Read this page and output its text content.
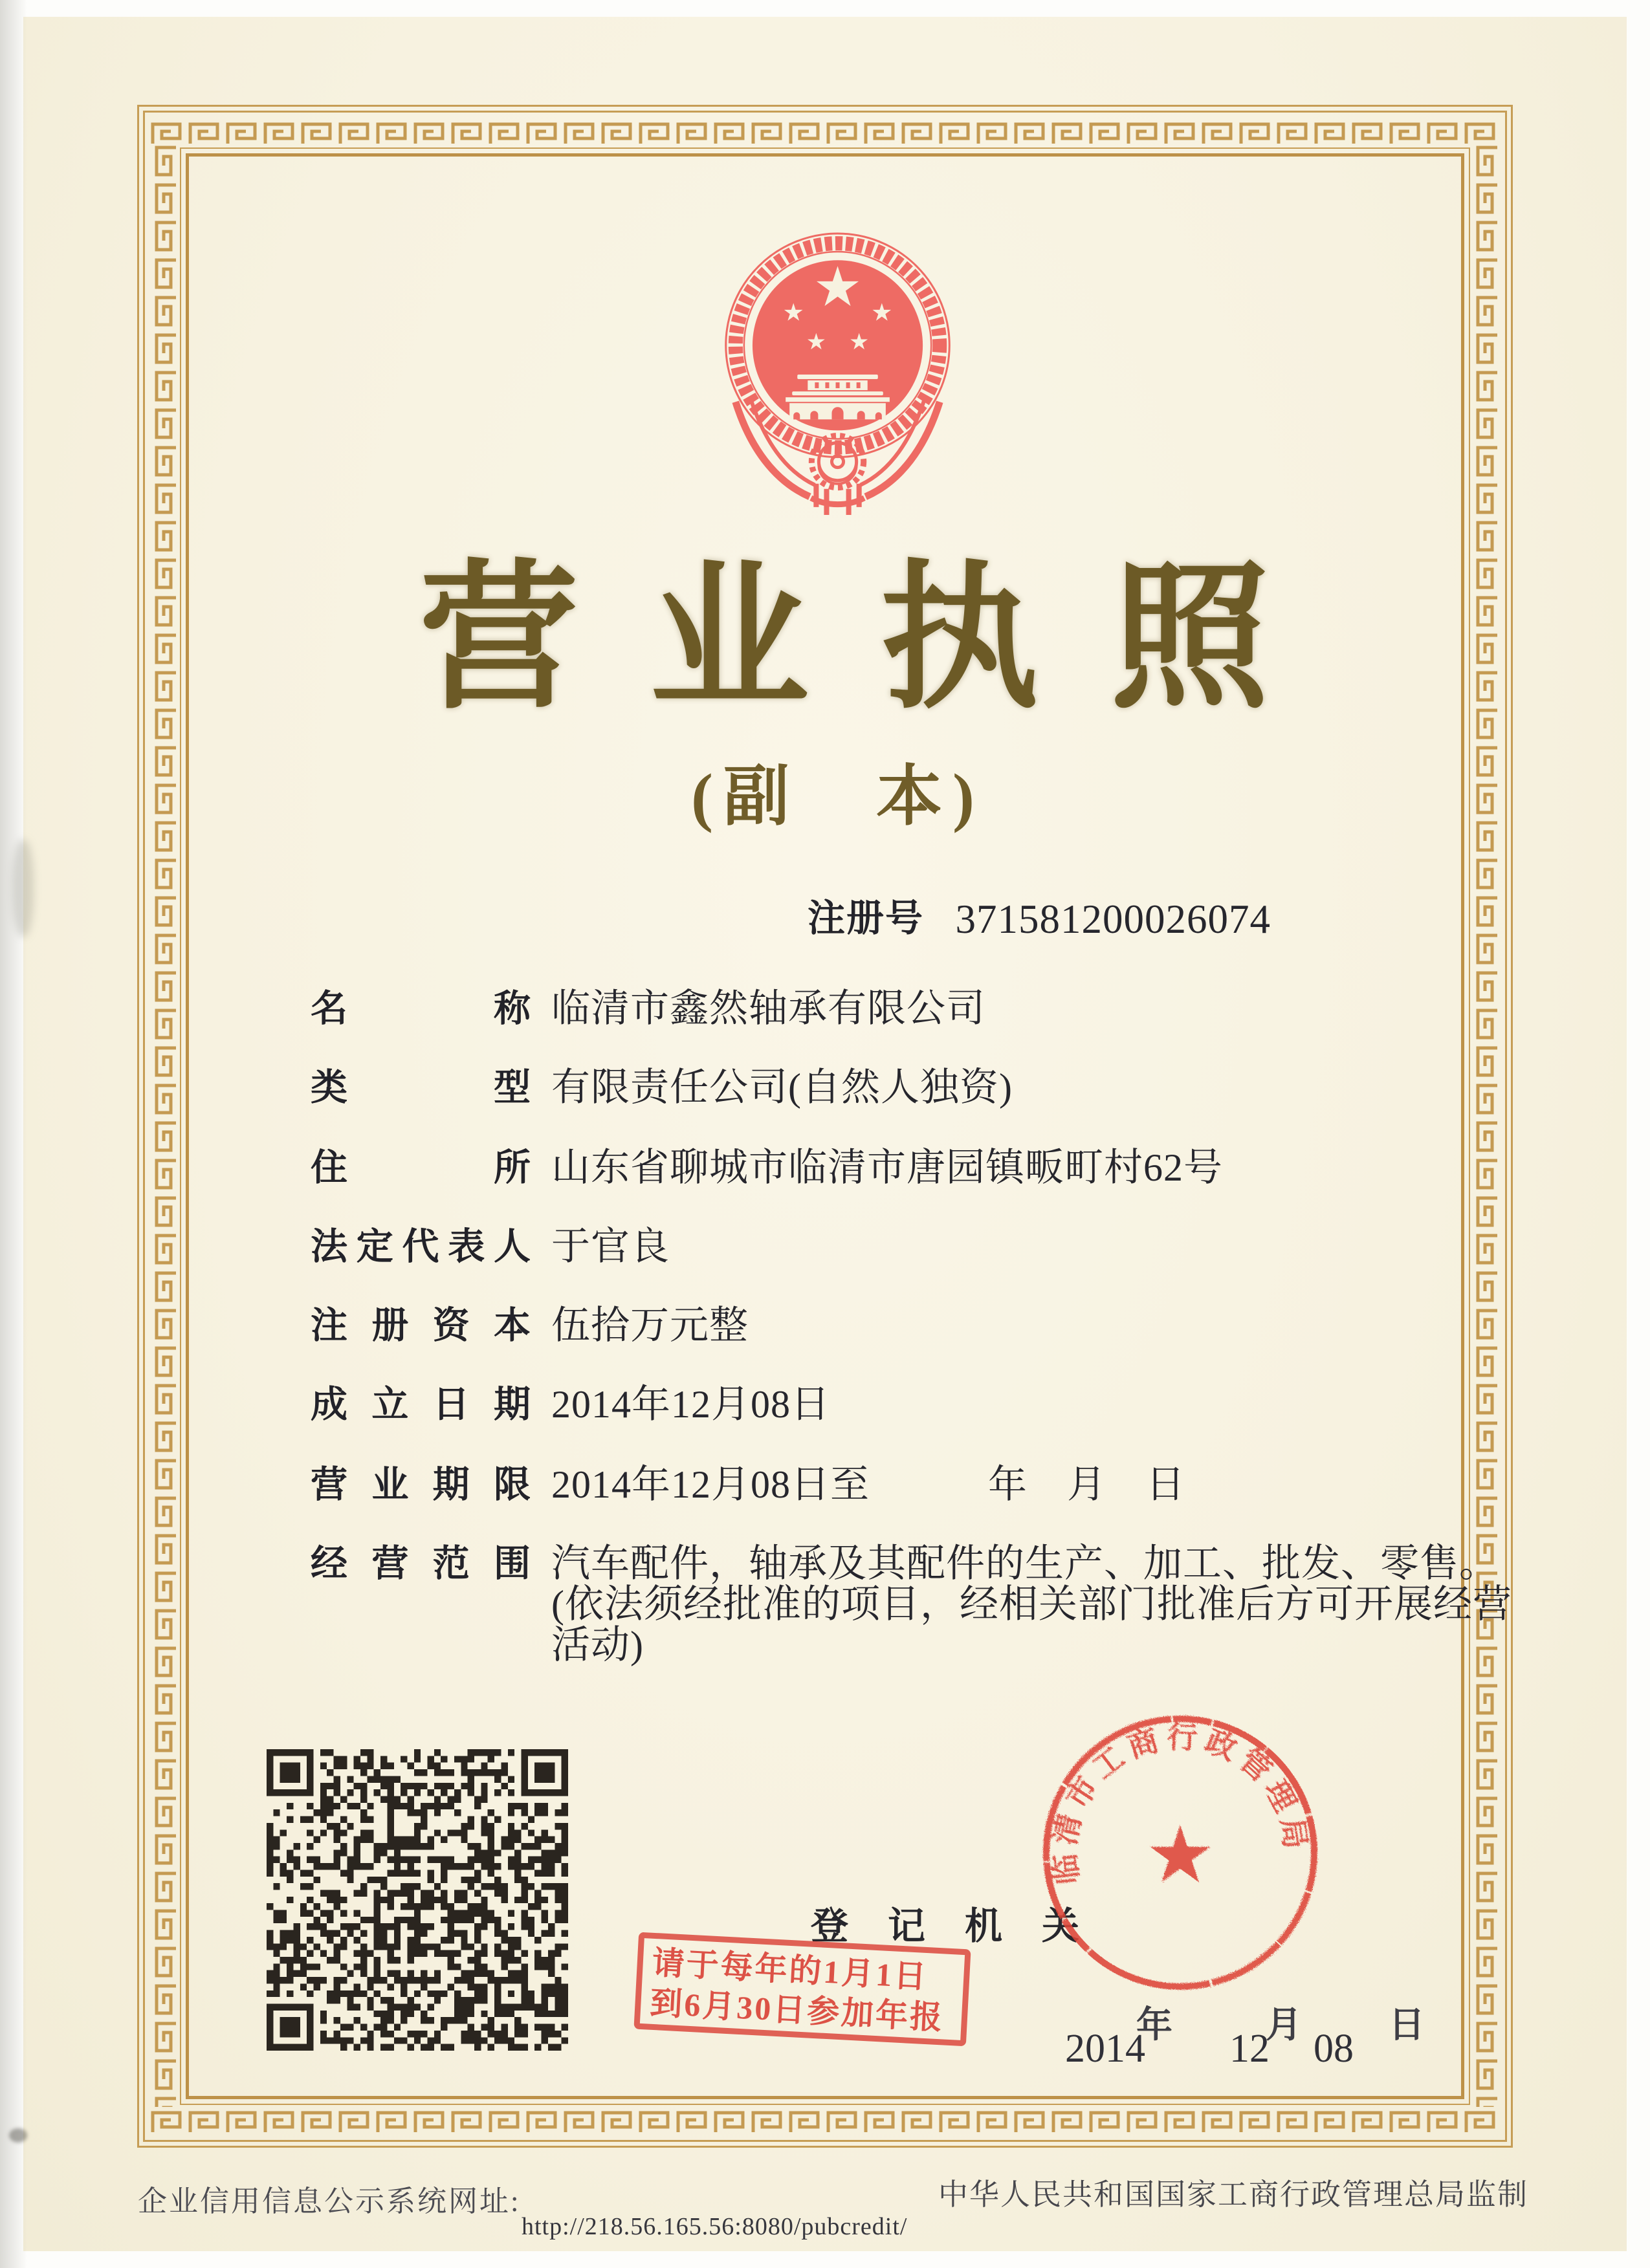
营业执照
(副　本)
注册号 371581200026074
名称 临清市鑫然轴承有限公司
类型 有限责任公司(自然人独资)
住所 山东省聊城市临清市唐园镇畈町村62号
法定代表人 于官良
注册资本 伍拾万元整
成立日期 2014年12月08日
营业期限 2014年12月08日至　　　年　月　日
经营范围 汽车配件，轴承及其配件的生产、加工、批发、零售。
(依法须经批准的项目，经相关部门批准后方可开展经营
活动)
登记机关
临清市工商行政管理局
请于每年的1月1日
到6月30日参加年报	年	月 日
2014 12 08
企业信用信息公示系统网址:
http://218.56.165.56:8080/pubcredit/
中华人民共和国国家工商行政管理总局监制
